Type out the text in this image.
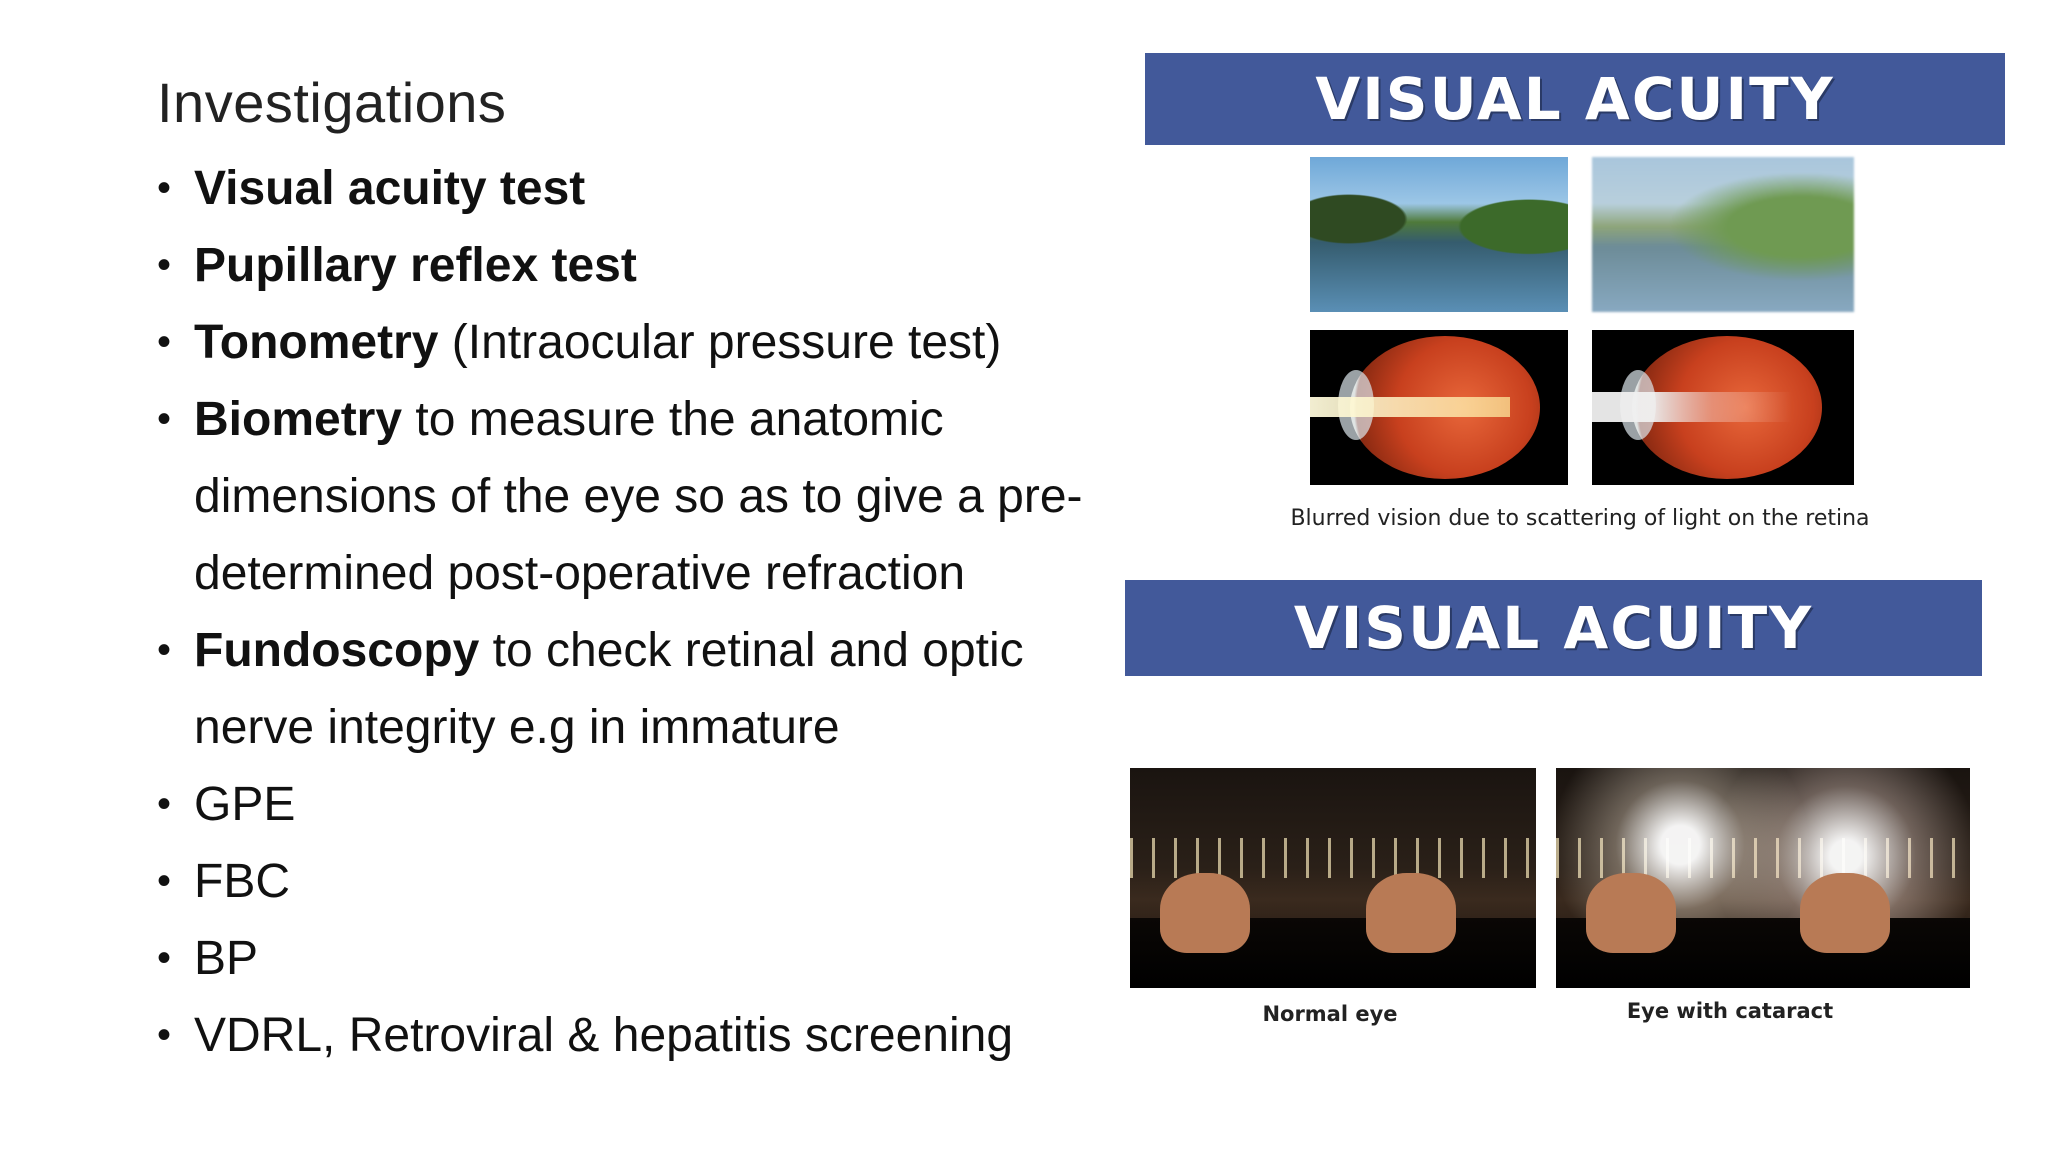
Investigations
• Visual acuity test
• Pupillary reflex test
• Tonometry (Intraocular pressure test)
• Biometry to measure the anatomic dimensions of the eye so as to give a pre-determined post-operative refraction
• Fundoscopy to check retinal and optic nerve integrity e.g in immature
• GPE
• FBC
• BP
• VDRL, Retroviral & hepatitis screening
VISUAL ACUITY
Blurred vision due to scattering of light on the retina
VISUAL ACUITY
Normal eye	Eye with cataract
